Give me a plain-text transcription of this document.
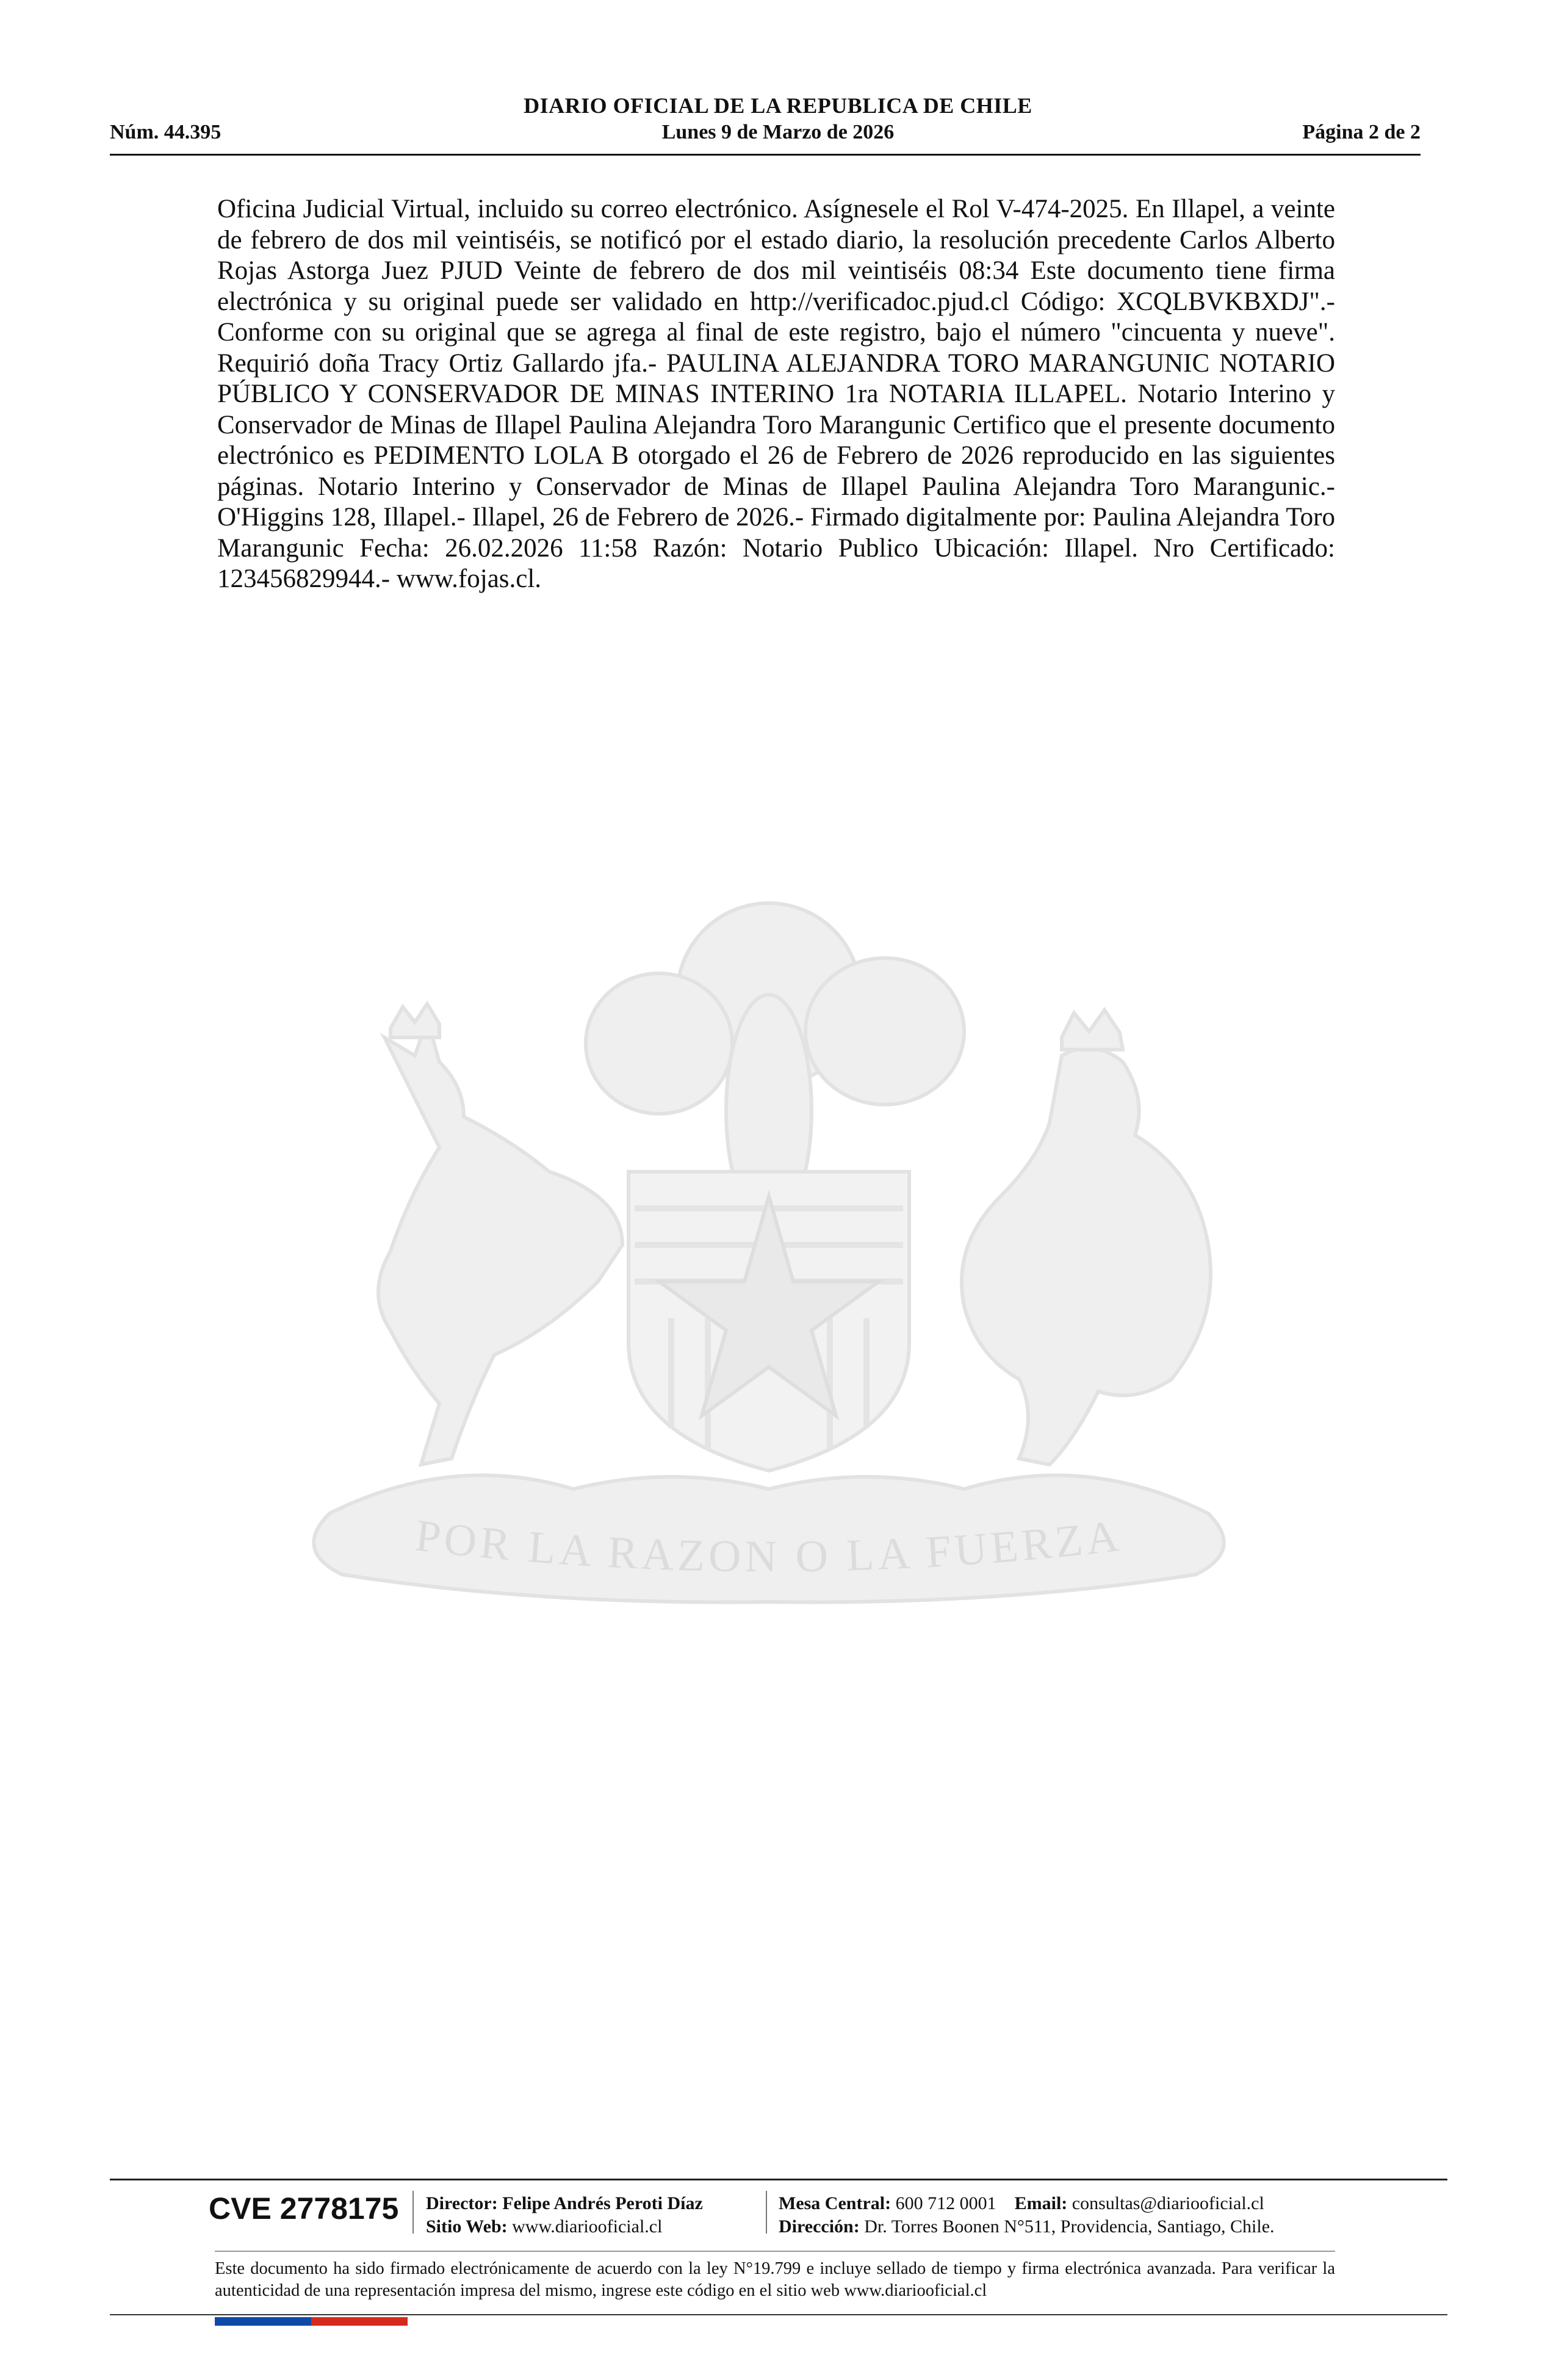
DIARIO OFICIAL DE LA REPUBLICA DE CHILE
Núm. 44.395	Lunes 9 de Marzo de 2026	Página 2 de 2

Oficina Judicial Virtual, incluido su correo electrónico. Asígnesele el Rol V-474-2025. En Illapel, a veinte de febrero de dos mil veintiséis, se notificó por el estado diario, la resolución precedente Carlos Alberto Rojas Astorga Juez PJUD Veinte de febrero de dos mil veintiséis 08:34 Este documento tiene firma electrónica y su original puede ser validado en http://verificadoc.pjud.cl Código: XCQLBVKBXDJ".- Conforme con su original que se agrega al final de este registro, bajo el número "cincuenta y nueve". Requirió doña Tracy Ortiz Gallardo jfa.- PAULINA ALEJANDRA TORO MARANGUNIC NOTARIO PÚBLICO Y CONSERVADOR DE MINAS INTERINO 1ra NOTARIA ILLAPEL. Notario Interino y Conservador de Minas de Illapel Paulina Alejandra Toro Marangunic Certifico que el presente documento electrónico es PEDIMENTO LOLA B otorgado el 26 de Febrero de 2026 reproducido en las siguientes páginas. Notario Interino y Conservador de Minas de Illapel Paulina Alejandra Toro Marangunic.- O'Higgins 128, Illapel.- Illapel, 26 de Febrero de 2026.- Firmado digitalmente por: Paulina Alejandra Toro Marangunic Fecha: 26.02.2026 11:58 Razón: Notario Publico Ubicación: Illapel. Nro Certificado: 123456829944.- www.fojas.cl.

POR LA RAZON O LA FUERZA
CVE 2778175 Director: Felipe Andrés Peroti Díaz
Sitio Web: www.diariooficial.cl
Mesa Central: 600 712 0001 Email: consultas@diariooficial.cl
Dirección: Dr. Torres Boonen N°511, Providencia, Santiago, Chile.

Este documento ha sido firmado electrónicamente de acuerdo con la ley N°19.799 e incluye sellado de tiempo y firma electrónica avanzada. Para verificar la autenticidad de una representación impresa del mismo, ingrese este código en el sitio web www.diariooficial.cl
